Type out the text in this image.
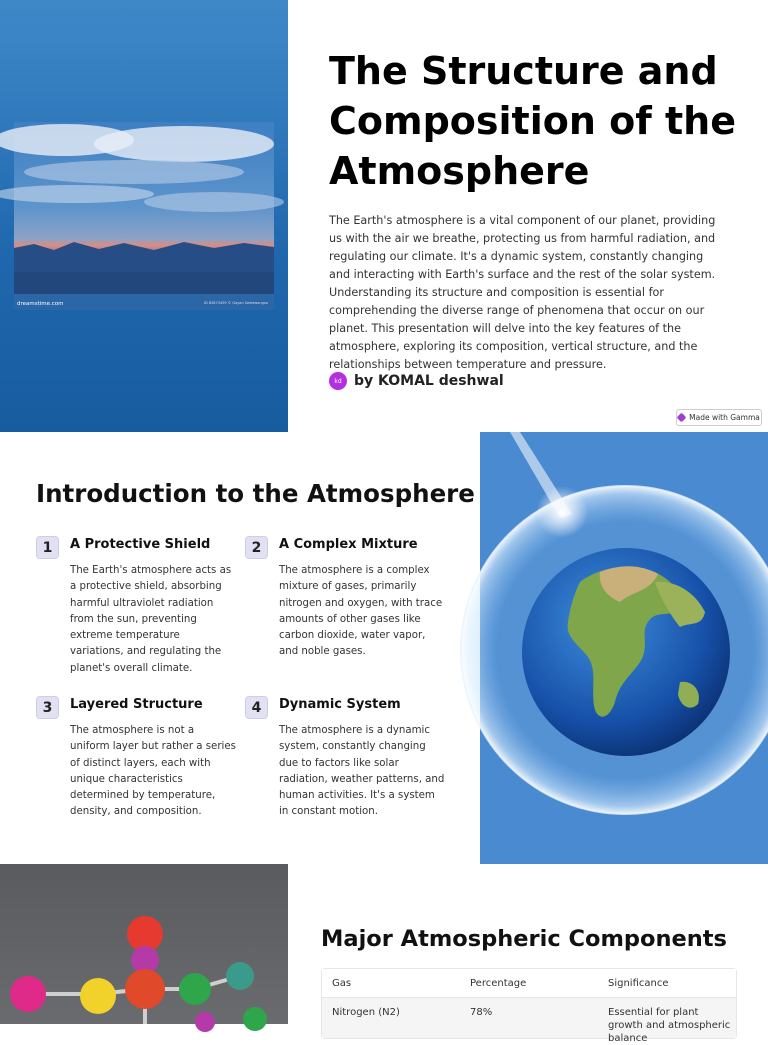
dreamstime.com	ID 82873459 © Gayan Seelawangsa
The Structure and Composition of the Atmosphere

The Earth's atmosphere is a vital component of our planet, providing us with the air we breathe, protecting us from harmful radiation, and regulating our climate. It's a dynamic system, constantly changing and interacting with Earth's surface and the rest of the solar system. Understanding its structure and composition is essential for comprehending the diverse range of phenomena that occur on our planet. This presentation will delve into the key features of the atmosphere, exploring its composition, vertical structure, and the relationships between temperature and pressure.

kd by KOMAL deshwal
Made with Gamma
Introduction to the Atmosphere
1	A Protective Shield

The Earth's atmosphere acts as a protective shield, absorbing harmful ultraviolet radiation from the sun, preventing extreme temperature variations, and regulating the planet's overall climate.

2	A Complex Mixture

The atmosphere is a complex mixture of gases, primarily nitrogen and oxygen, with trace amounts of other gases like carbon dioxide, water vapor, and noble gases.

3	Layered Structure

The atmosphere is not a uniform layer but rather a series of distinct layers, each with unique characteristics determined by temperature, density, and composition.

4	Dynamic System

The atmosphere is a dynamic system, constantly changing due to factors like solar radiation, weather patterns, and human activities. It's a system in constant motion.

Major Atmospheric Components
Gas	Percentage	Significance
Nitrogen (N2)	78%	Essential for plant growth and atmospheric balance
